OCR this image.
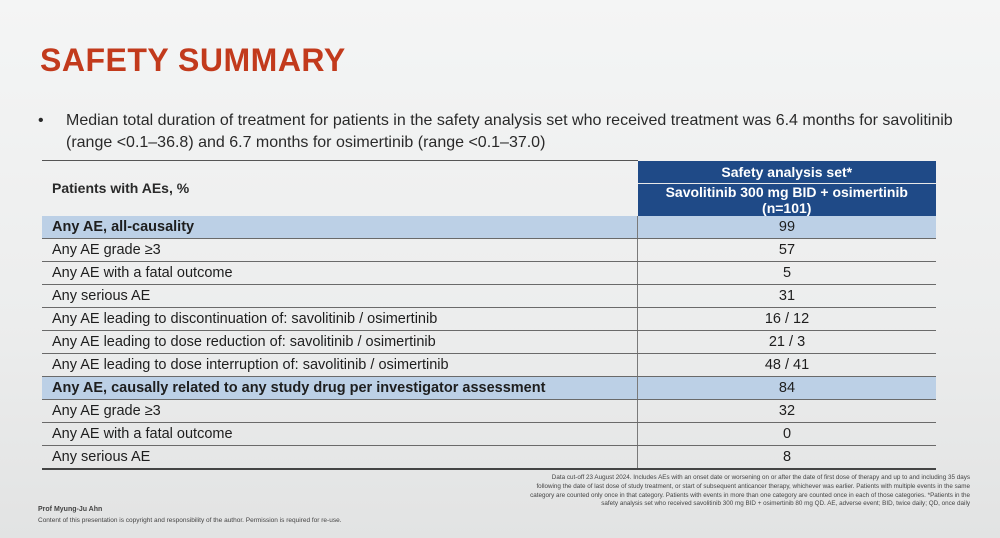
SAFETY SUMMARY
•	Median total duration of treatment for patients in the safety analysis set who received treatment was 6.4 months for savolitinib (range <0.1–36.8) and 6.7 months for osimertinib (range <0.1–37.0)
Patients with AEs, %	Safety analysis set*
	Savolitinib 300 mg BID + osimertinib (n=101)
Any AE, all-causality	99
Any AE grade ≥3	57
Any AE with a fatal outcome	5
Any serious AE	31
Any AE leading to discontinuation of: savolitinib / osimertinib	16 / 12
Any AE leading to dose reduction of: savolitinib / osimertinib	21 / 3
Any AE leading to dose interruption of: savolitinib / osimertinib	48 / 41
Any AE, causally related to any study drug per investigator assessment	84
Any AE grade ≥3	32
Any AE with a fatal outcome	0
Any serious AE	8
Data cut-off 23 August 2024. Includes AEs with an onset date or worsening on or after the date of first dose of therapy and up to and including 35 days following the date of last dose of study treatment, or start of subsequent anticancer therapy, whichever was earlier. Patients with multiple events in the same category are counted only once in that category. Patients with events in more than one category are counted once in each of those categories. *Patients in the safety analysis set who received savolitinib 300 mg BID + osimertinib 80 mg QD. AE, adverse event; BID, twice daily; QD, once daily
Prof Myung-Ju Ahn
Content of this presentation is copyright and responsibility of the author. Permission is required for re-use.
